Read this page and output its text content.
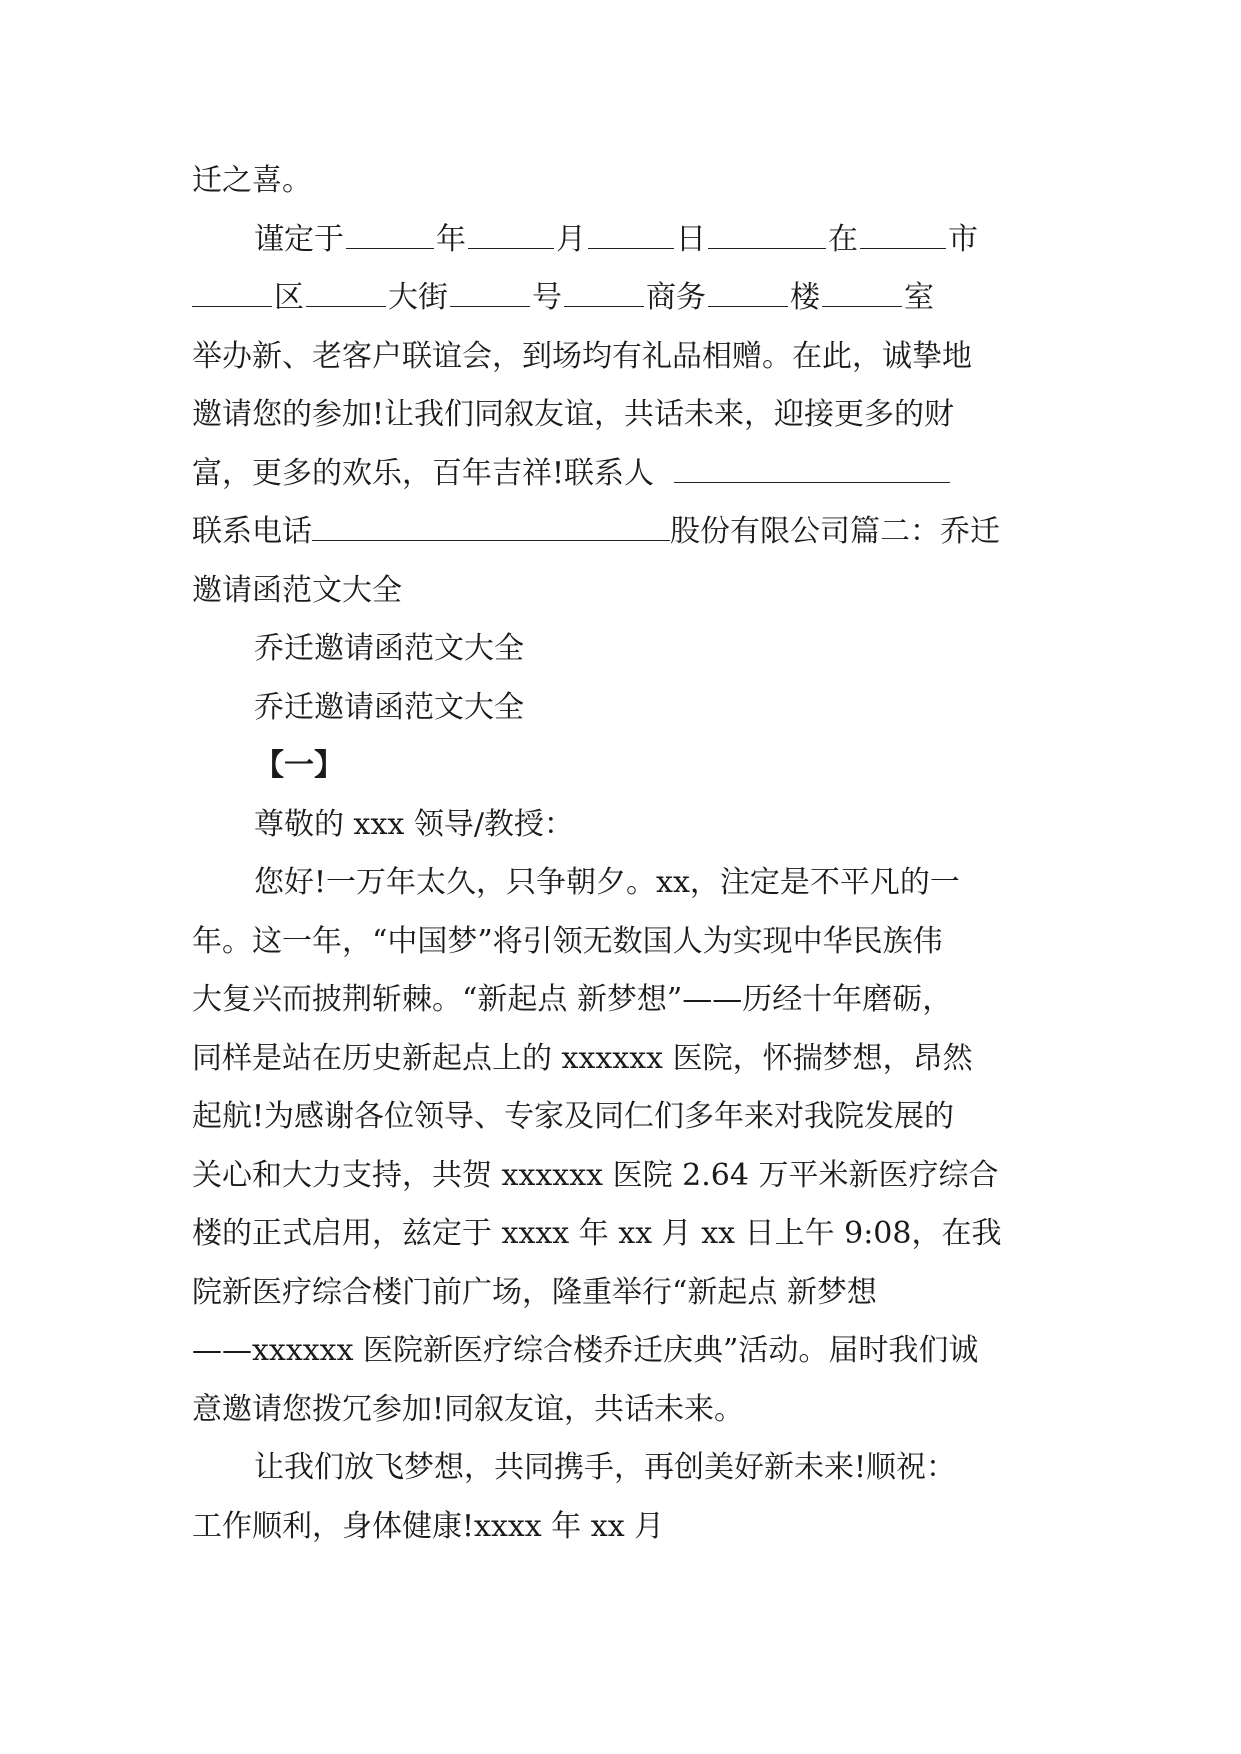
迁之喜。
谨定于	年	月	日	在	市
区	大街	号	商务	楼	室
举办新、老客户联谊会，到场均有礼品相赠。在此，诚挚地
邀请您的参加!让我们同叙友谊，共话未来，迎接更多的财
富，更多的欢乐，百年吉祥!联系人
联系电话	股份有限公司篇二：乔迁
邀请函范文大全
乔迁邀请函范文大全
乔迁邀请函范文大全
【一】
尊敬的 xxx 领导/教授：
您好!一万年太久，只争朝夕。xx，注定是不平凡的一
年。这一年，“中国梦”将引领无数国人为实现中华民族伟
大复兴而披荆斩棘。“新起点 新梦想”——历经十年磨砺，
同样是站在历史新起点上的 xxxxxx 医院，怀揣梦想，昂然
起航!为感谢各位领导、专家及同仁们多年来对我院发展的
关心和大力支持，共贺 xxxxxx 医院 2.64 万平米新医疗综合
楼的正式启用，兹定于 xxxx 年 xx 月 xx 日上午 9:08，在我
院新医疗综合楼门前广场，隆重举行“新起点 新梦想
——xxxxxx 医院新医疗综合楼乔迁庆典”活动。届时我们诚
意邀请您拨冗参加!同叙友谊，共话未来。
让我们放飞梦想，共同携手，再创美好新未来!顺祝：
工作顺利，身体健康!xxxx 年 xx 月
